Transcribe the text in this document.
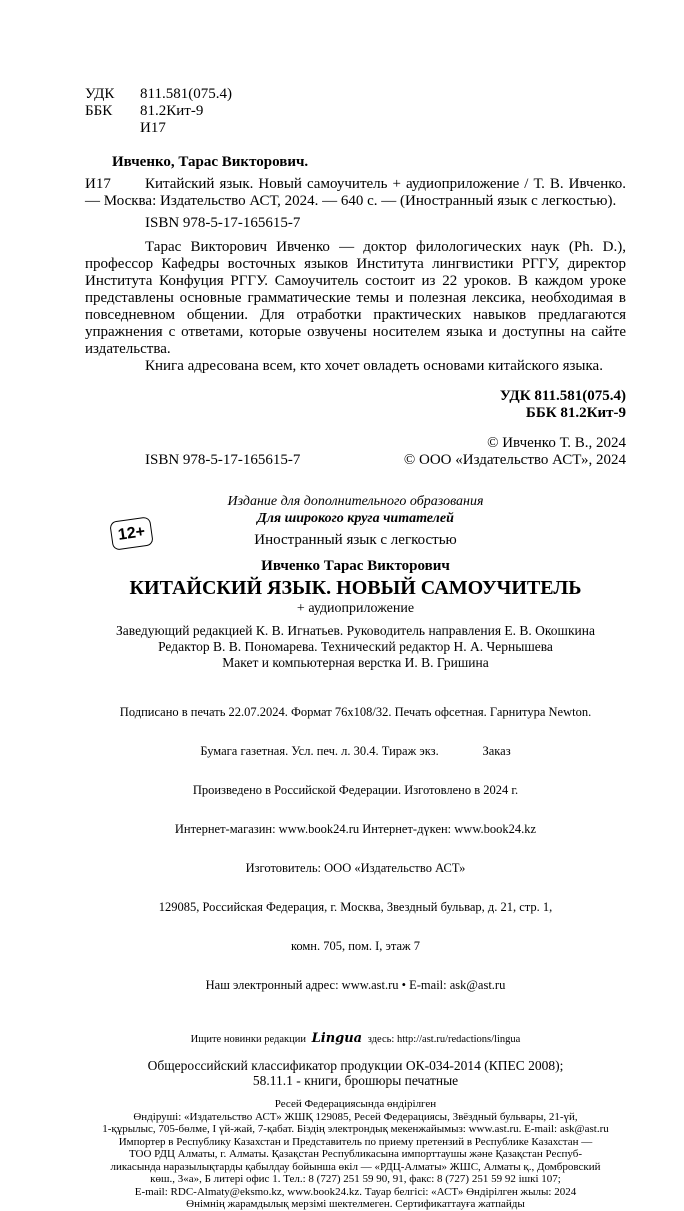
УДК 811.581(075.4)
ББК 81.2Кит-9
И17
Ивченко, Тарас Викторович.
И17 Китайский язык. Новый самоучитель + аудиоприложение / Т. В. Ивченко. — Москва: Издательство АСТ, 2024. — 640 с. — (Иностранный язык с легкостью).
ISBN 978-5-17-165615-7
Тарас Викторович Ивченко — доктор филологических наук (Ph. D.), профессор Кафедры восточных языков Института лингвистики РГГУ, директор Института Конфуция РГГУ. Самоучитель состоит из 22 уроков. В каждом уроке представлены основные грамматические темы и полезная лексика, необходимая в повседневном общении. Для отработки практических навыков предлагаются упражнения с ответами, которые озвучены носителем языка и доступны на сайте издательства.
Книга адресована всем, кто хочет овладеть основами китайского языка.
УДК 811.581(075.4)
ББК 81.2Кит-9
ISBN 978-5-17-165615-7
© Ивченко Т. В., 2024
© ООО «Издательство АСТ», 2024
12+
Издание для дополнительного образования
Для широкого круга читателей
Иностранный язык с легкостью
Ивченко Тарас Викторович
КИТАЙСКИЙ ЯЗЫК. НОВЫЙ САМОУЧИТЕЛЬ
+ аудиоприложение
Заведующий редакцией К. В. Игнатьев. Руководитель направления Е. В. Окошкина
Редактор В. В. Пономарева. Технический редактор Н. А. Чернышева
Макет и компьютерная верстка И. В. Гришина

Подписано в печать 22.07.2024. Формат 76х108/32. Печать офсетная. Гарнитура Newton.

Бумага газетная. Усл. печ. л. 30.4. Тираж экз.              Заказ

Произведено в Российской Федерации. Изготовлено в 2024 г.

Интернет-магазин: www.book24.ru Интернет-дүкен: www.book24.kz

Изготовитель: ООО «Издательство АСТ»

129085, Российская Федерация, г. Москва, Звездный бульвар, д. 21, стр. 1,

комн. 705, пом. I, этаж 7

Наш электронный адрес: www.ast.ru • E-mail: ask@ast.ru

Ищите новинки редакции Lingua здесь: http://ast.ru/redactions/lingua
Общероссийский классификатор продукции ОК-034-2014 (КПЕС 2008);
58.11.1 - книги, брошюры печатные
Ресей Федерациясында өндірілген
Өндіруші: «Издательство АСТ» ЖШҚ 129085, Ресей Федерациясы, Звёздный бульвары, 21-үй,
1-құрылыс, 705-бөлме, I үй-жай, 7-қабат. Біздің электрондық мекенжайымыз: www.ast.ru. E-mail: ask@ast.ru
Импортер в Республику Казахстан и Представитель по приему претензий в Республике Казахстан —
ТОО РДЦ Алматы, г. Алматы. Қазақстан Республикасына импорттаушы және Қазақстан Респуб-
ликасында наразылықтарды қабылдау бойынша өкіл — «РДЦ-Алматы» ЖШС, Алматы қ., Домбровский
көш., 3«а», Б литері офис 1. Тел.: 8 (727) 251 59 90, 91, факс: 8 (727) 251 59 92 ішкі 107;
E-mail: RDC-Almaty@eksmo.kz, www.book24.kz. Тауар белгісі: «АСТ» Өндірілген жылы: 2024
Өнімнің жарамдылық мерзімі шектелмеген. Сертификаттауға жатпайды
